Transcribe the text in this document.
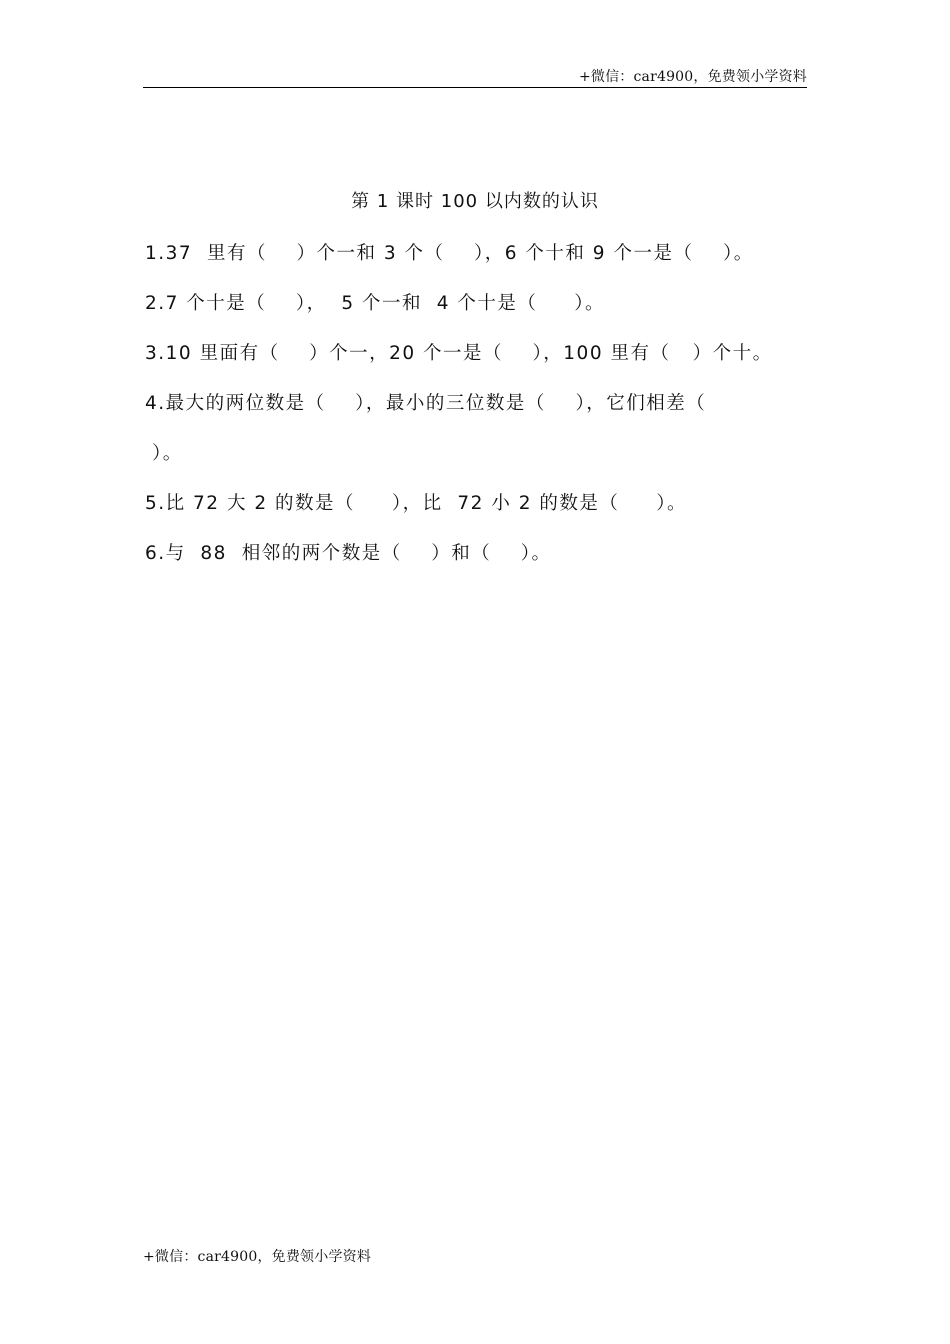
+微信：car4900，免费领小学资料
第 1 课时 100 以内数的认识
1.37  里有（    ）个一和 3 个（    ），6 个十和 9 个一是（    ）。
2.7 个十是（    ），  5 个一和  4 个十是（     ）。
3.10 里面有（    ）个一，20 个一是（    ），100 里有（   ）个十。
4.最大的两位数是（    ），最小的三位数是（    ），它们相差（
）。
5.比 72 大 2 的数是（     ），比  72 小 2 的数是（     ）。
6.与  88  相邻的两个数是（    ）和（    ）。
+微信：car4900，免费领小学资料
